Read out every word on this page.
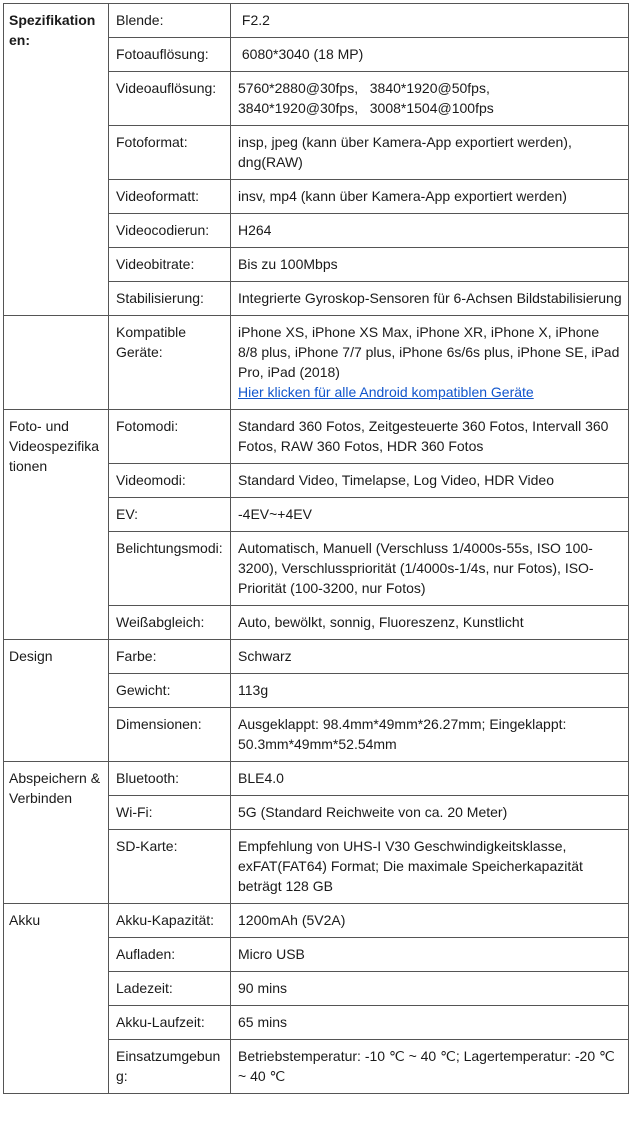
Spezifikationen:	Blende:	F2.2
	Fotoauflösung:	6080*3040 (18 MP)
	Videoauflösung:	5760*2880@30fps,   3840*1920@50fps,
3840*1920@30fps,   3008*1504@100fps

	Fotoformat:	insp, jpeg (kann über Kamera-App exportiert werden), dng(RAW)
	Videoformatt:	insv, mp4 (kann über Kamera-App exportiert werden)
	Videocodierun:	H264
	Videobitrate:	Bis zu 100Mbps
	Stabilisierung:	Integrierte Gyroskop-Sensoren für 6-Achsen Bildstabilisierung
	Kompatible Geräte:	iPhone XS, iPhone XS Max, iPhone XR, iPhone X, iPhone 8/8 plus, iPhone 7/7 plus, iPhone 6s/6s plus, iPhone SE, iPad Pro, iPad (2018)
Hier klicken für alle Android kompatiblen Geräte

Foto- und Videospezifikationen	Fotomodi:	Standard 360 Fotos, Zeitgesteuerte 360 Fotos, Intervall 360 Fotos, RAW 360 Fotos, HDR 360 Fotos
	Videomodi:	Standard Video, Timelapse, Log Video, HDR Video
	EV:	-4EV~+4EV
	Belichtungsmodi:	Automatisch, Manuell (Verschluss 1/4000s-55s, ISO 100-3200), Verschlusspriorität (1/4000s-1/4s, nur Fotos), ISO-Priorität (100-3200, nur Fotos)
	Weißabgleich:	Auto, bewölkt, sonnig, Fluoreszenz, Kunstlicht
Design	Farbe:	Schwarz
	Gewicht:	113g
	Dimensionen:	Ausgeklappt: 98.4mm*49mm*26.27mm; Eingeklappt: 50.3mm*49mm*52.54mm
Abspeichern & Verbinden	Bluetooth:	BLE4.0
	Wi-Fi:	5G (Standard Reichweite von ca. 20 Meter)
	SD-Karte:	Empfehlung von UHS-I V30 Geschwindigkeitsklasse, exFAT(FAT64) Format; Die maximale Speicherkapazität beträgt 128 GB
Akku	Akku-Kapazität:	1200mAh (5V2A)
	Aufladen:	Micro USB
	Ladezeit:	90 mins
	Akku-Laufzeit:	65 mins
	Einsatzumgebung:	Betriebstemperatur: -10 ℃ ~ 40 ℃; Lagertemperatur: -20 ℃ ~ 40 ℃
